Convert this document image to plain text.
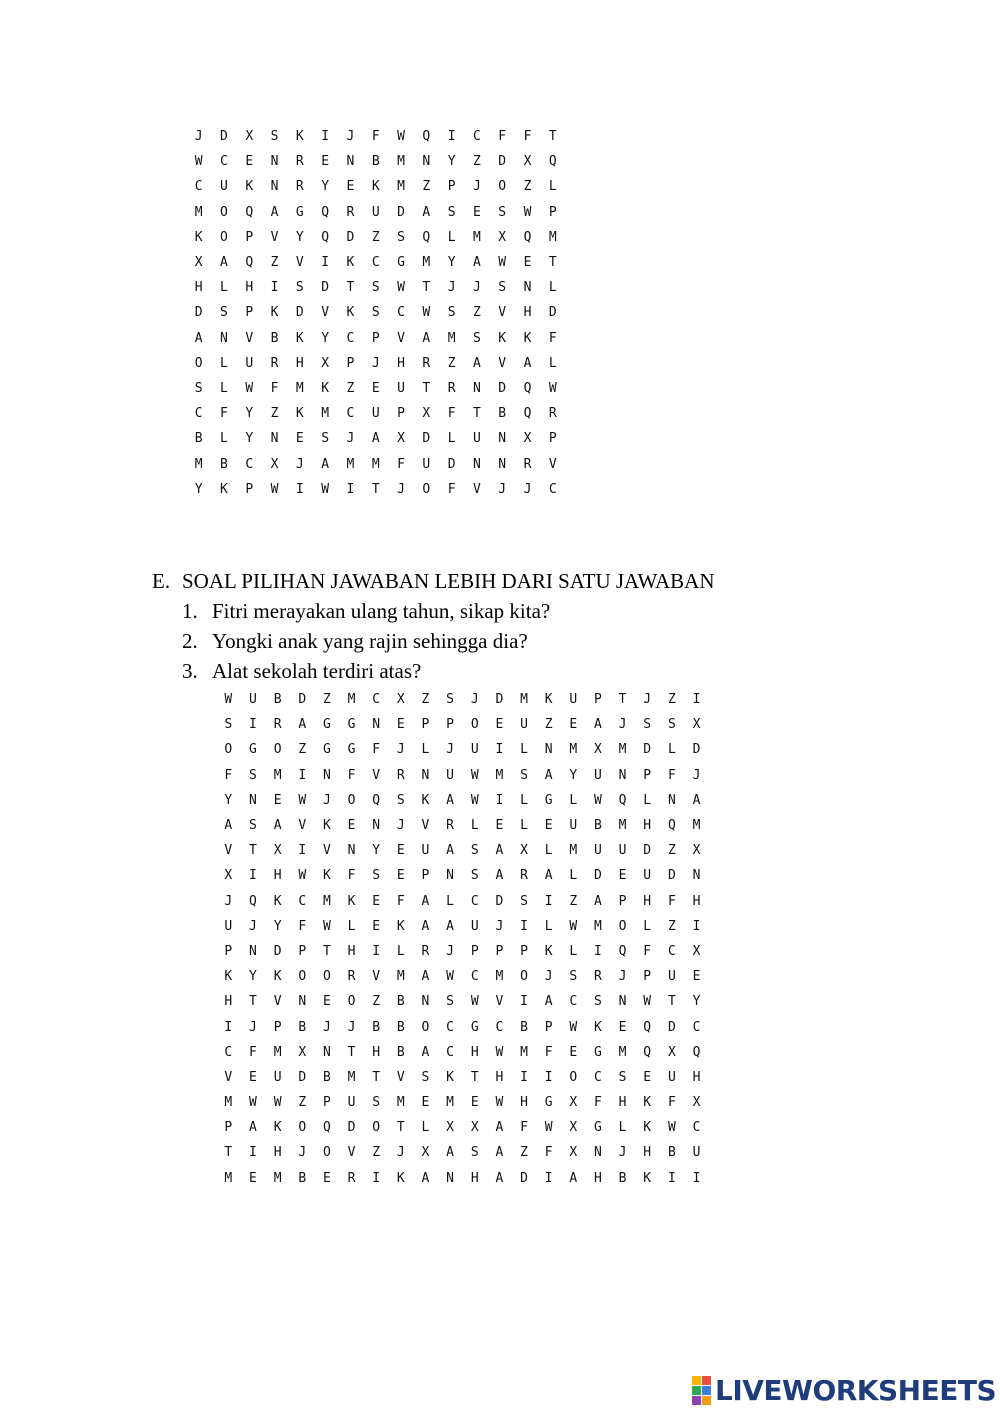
J	D	X	S	K	I	J	F	W	Q	I	C	F	F	T
W	C	E	N	R	E	N	B	M	N	Y	Z	D	X	Q
C	U	K	N	R	Y	E	K	M	Z	P	J	O	Z	L
M	O	Q	A	G	Q	R	U	D	A	S	E	S	W	P
K	O	P	V	Y	Q	D	Z	S	Q	L	M	X	Q	M
X	A	Q	Z	V	I	K	C	G	M	Y	A	W	E	T
H	L	H	I	S	D	T	S	W	T	J	J	S	N	L
D	S	P	K	D	V	K	S	C	W	S	Z	V	H	D
A	N	V	B	K	Y	C	P	V	A	M	S	K	K	F
O	L	U	R	H	X	P	J	H	R	Z	A	V	A	L
S	L	W	F	M	K	Z	E	U	T	R	N	D	Q	W
C	F	Y	Z	K	M	C	U	P	X	F	T	B	Q	R
B	L	Y	N	E	S	J	A	X	D	L	U	N	X	P
M	B	C	X	J	A	M	M	F	U	D	N	N	R	V
Y	K	P	W	I	W	I	T	J	O	F	V	J	J	C
E. SOAL PILIHAN JAWABAN LEBIH DARI SATU JAWABAN
1. Fitri merayakan ulang tahun, sikap kita?
2. Yongki anak yang rajin sehingga dia?
3. Alat sekolah terdiri atas?
W	U	B	D	Z	M	C	X	Z	S	J	D	M	K	U	P	T	J	Z	I
S	I	R	A	G	G	N	E	P	P	O	E	U	Z	E	A	J	S	S	X
O	G	O	Z	G	G	F	J	L	J	U	I	L	N	M	X	M	D	L	D
F	S	M	I	N	F	V	R	N	U	W	M	S	A	Y	U	N	P	F	J
Y	N	E	W	J	O	Q	S	K	A	W	I	L	G	L	W	Q	L	N	A
A	S	A	V	K	E	N	J	V	R	L	E	L	E	U	B	M	H	Q	M
V	T	X	I	V	N	Y	E	U	A	S	A	X	L	M	U	U	D	Z	X
X	I	H	W	K	F	S	E	P	N	S	A	R	A	L	D	E	U	D	N
J	Q	K	C	M	K	E	F	A	L	C	D	S	I	Z	A	P	H	F	H
U	J	Y	F	W	L	E	K	A	A	U	J	I	L	W	M	O	L	Z	I
P	N	D	P	T	H	I	L	R	J	P	P	P	K	L	I	Q	F	C	X
K	Y	K	O	O	R	V	M	A	W	C	M	O	J	S	R	J	P	U	E
H	T	V	N	E	O	Z	B	N	S	W	V	I	A	C	S	N	W	T	Y
I	J	P	B	J	J	B	B	O	C	G	C	B	P	W	K	E	Q	D	C
C	F	M	X	N	T	H	B	A	C	H	W	M	F	E	G	M	Q	X	Q
V	E	U	D	B	M	T	V	S	K	T	H	I	I	O	C	S	E	U	H
M	W	W	Z	P	U	S	M	E	M	E	W	H	G	X	F	H	K	F	X
P	A	K	O	Q	D	O	T	L	X	X	A	F	W	X	G	L	K	W	C
T	I	H	J	O	V	Z	J	X	A	S	A	Z	F	X	N	J	H	B	U
M	E	M	B	E	R	I	K	A	N	H	A	D	I	A	H	B	K	I	I
LIVEWORKSHEETS
